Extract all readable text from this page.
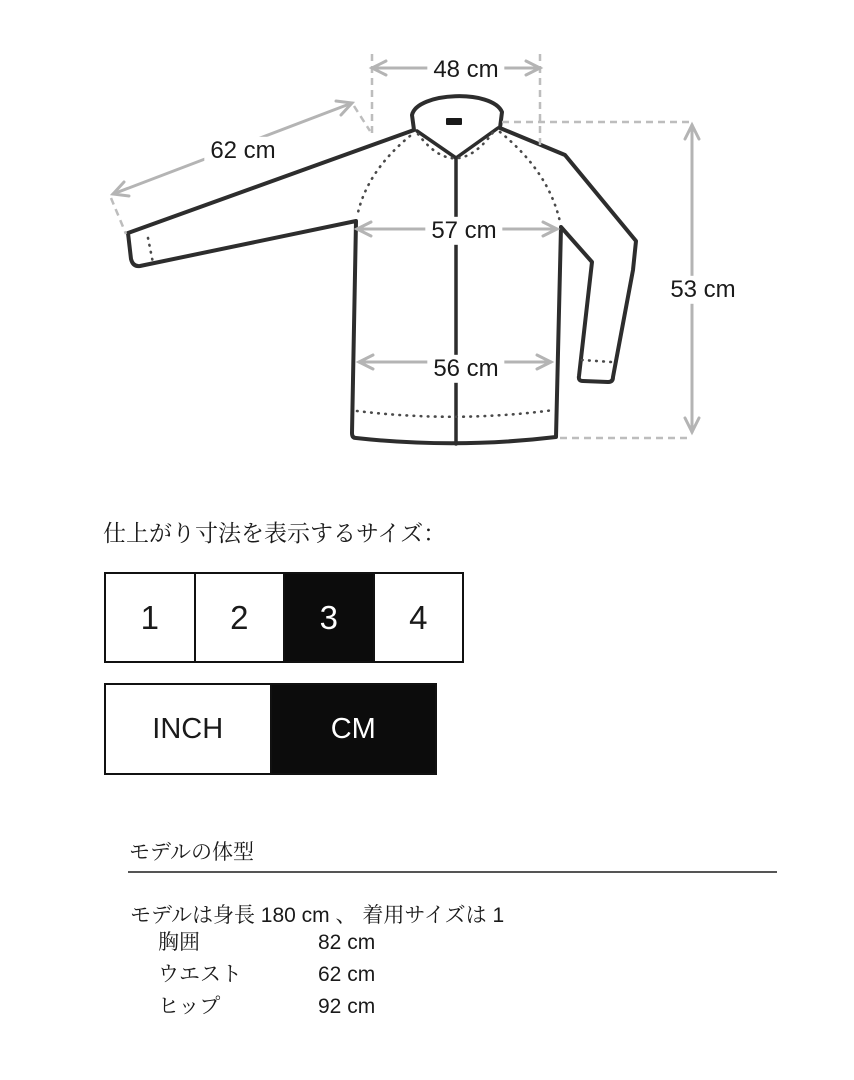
48 cm
62 cm
57 cm
56 cm
53 cm
仕上がり寸法を表示するサイズ：
1	2	3	4
INCH	CM
モデルの体型
モデルは身長 180 cm 、 着用サイズは 1
胸囲	82 cm
ウエスト	62 cm
ヒップ	92 cm
